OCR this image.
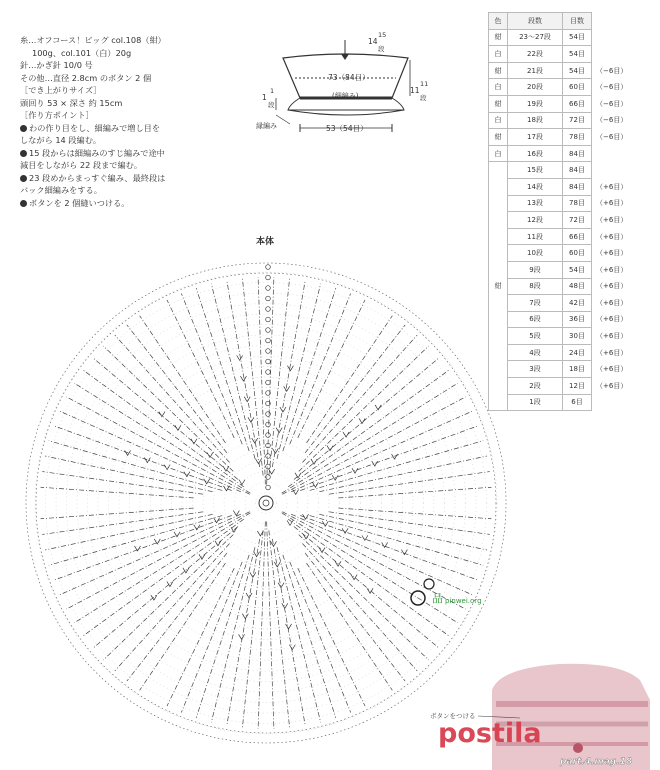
糸…オフコース！ビッグ col.108（紺）
100g、col.101（白）20g
針…かぎ針 10/0 号
その他…直径 2.8cm のボタン 2 個
［でき上がりサイズ］
頭回り 53 × 深さ 約 15cm
［作り方ポイント］
わの作り目をし、細編みで増し目を
しながら 14 段編む。
15 段からは細編みのすじ編みで途中
減目をしながら 22 段まで編む。
23 段めからまっすぐ編み、最終段は
バック細編みをする。
ボタンを 2 個縫いつける。
14
15
段
73（84目）
(細編み)
11
11
段
1
1
段
縁編み	53（54目）
本体
品 pinwei.org
ボタンをつける
postila
part.4.mag.18
色	段数	目数	
紺	23〜27段	54目	
白	22段	54目	
紺	21段	54目	（−6目）
白	20段	60目	（−6目）
紺	19段	66目	（−6目）
白	18段	72目	（−6目）
紺	17段	78目	（−6目）
白	16段	84目	
	15段	84目	
	14段	84目	（+6目）
	13段	78目	（+6目）
	12段	72目	（+6目）
	11段	66目	（+6目）
	10段	60目	（+6目）
	9段	54目	（+6目）
紺	8段	48目	（+6目）
	7段	42目	（+6目）
	6段	36目	（+6目）
	5段	30目	（+6目）
	4段	24目	（+6目）
	3段	18目	（+6目）
	2段	12目	（+6目）
	1段	6目	
